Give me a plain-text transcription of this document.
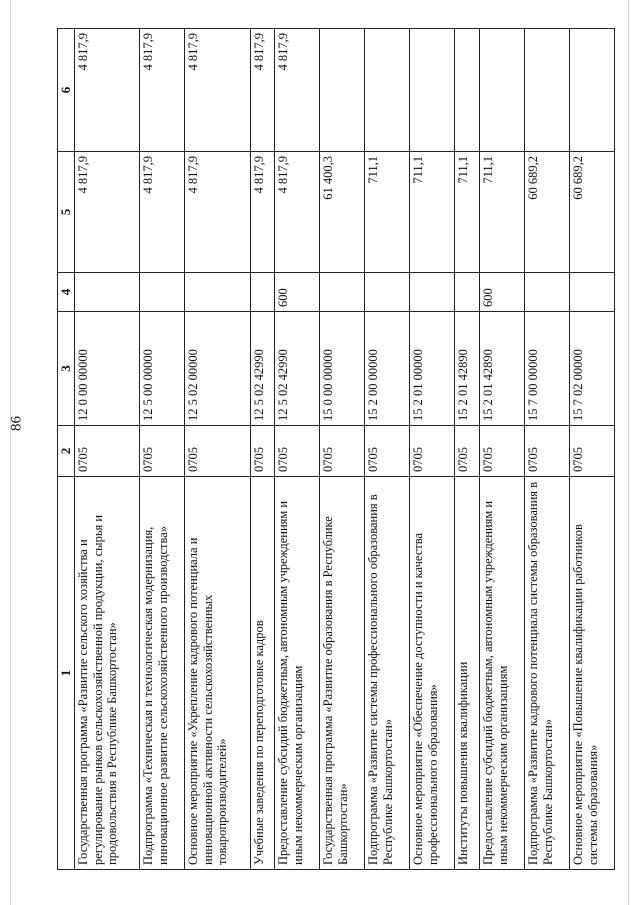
86
1	2	3	4	5	6
Государственная программа «Развитие сельского хозяйства и регулирование рынков сельскохозяйственной продукции, сырья и продовольствия в Республике Башкортостан»	0705	12 0 00 00000		4 817,9	4 817,9
Подпрограмма «Техническая и технологическая модернизация, инновационное развитие сельскохозяйственного производства»	0705	12 5 00 00000		4 817,9	4 817,9
Основное мероприятие «Укрепление кадрового потенциала и инновационной активности сельскохозяйственных товаропроизводителей»	0705	12 5 02 00000		4 817,9	4 817,9
Учебные заведения по переподготовке кадров	0705	12 5 02 42990		4 817,9	4 817,9
Предоставление субсидий бюджетным, автономным учреждениям и иным некоммерческим организациям	0705	12 5 02 42990	600	4 817,9	4 817,9
Государственная программа «Развитие образования в Республике Башкортостан»	0705	15 0 00 00000		61 400,3	
Подпрограмма «Развитие системы профессионального образования в Республике Башкортостан»	0705	15 2 00 00000		711,1	
Основное мероприятие «Обеспечение доступности и качества профессионального образования»	0705	15 2 01 00000		711,1	
Институты повышения квалификации	0705	15 2 01 42890		711,1	
Предоставление субсидий бюджетным, автономным учреждениям и иным некоммерческим организациям	0705	15 2 01 42890	600	711,1	
Подпрограмма «Развитие кадрового потенциала системы образования в Республике Башкортостан»	0705	15 7 00 00000		60 689,2	
Основное мероприятие «Повышение квалификации работников системы образования»	0705	15 7 02 00000		60 689,2	
